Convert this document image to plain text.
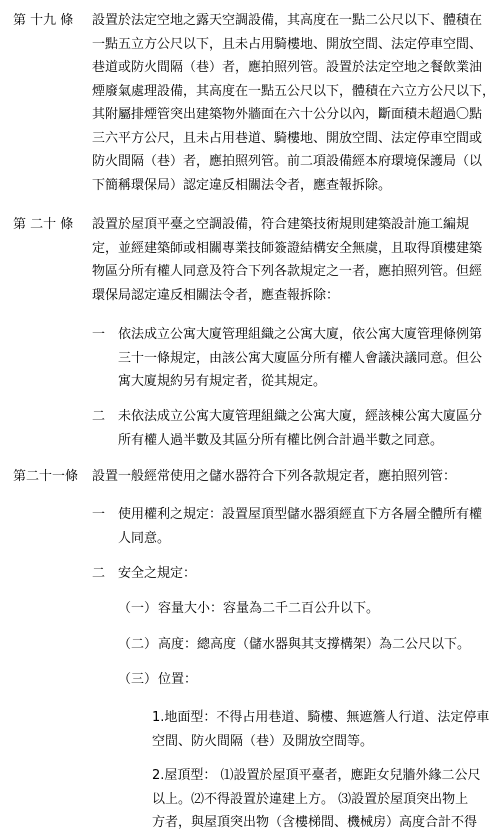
第 十九 條 設置於法定空地之露天空調設備，其高度在一點二公尺以下、體積在

一點五立方公尺以下，且未占用騎樓地、開放空間、法定停車空間、

巷道或防火間隔（巷）者，應拍照列管。設置於法定空地之餐飲業油

煙廢氣處理設備，其高度在一點五公尺以下，體積在六立方公尺以下，

其附屬排煙管突出建築物外牆面在六十公分以內，斷面積未超過〇點

三六平方公尺，且未占用巷道、騎樓地、開放空間、法定停車空間或

防火間隔（巷）者，應拍照列管。前二項設備經本府環境保護局（以

下簡稱環保局）認定違反相關法令者，應查報拆除。

第 二十 條 設置於屋頂平臺之空調設備，符合建築技術規則建築設計施工編規

定，並經建築師或相關專業技師簽證結構安全無虞，且取得頂樓建築

物區分所有權人同意及符合下列各款規定之一者，應拍照列管。但經

環保局認定違反相關法令者，應查報拆除：

一 依法成立公寓大廈管理組織之公寓大廈，依公寓大廈管理條例第

三十一條規定，由該公寓大廈區分所有權人會議決議同意。但公

寓大廈規約另有規定者，從其規定。

二 未依法成立公寓大廈管理組織之公寓大廈，經該棟公寓大廈區分

所有權人過半數及其區分所有權比例合計過半數之同意。

第二十一條 設置一般經常使用之儲水器符合下列各款規定者，應拍照列管：

一 使用權利之規定：設置屋頂型儲水器須經直下方各層全體所有權

人同意。

二 安全之規定：

（一） 容量大小：容量為二千二百公升以下。

（二） 高度：總高度（儲水器與其支撐構架）為二公尺以下。

（三） 位置：

1.地面型：不得占用巷道、騎樓、無遮簷人行道、法定停車

空間、防火間隔（巷）及開放空間等。

2.屋頂型： ⑴設置於屋頂平臺者，應距女兒牆外緣二公尺

以上。⑵不得設置於違建上方。 ⑶設置於屋頂突出物上

方者，與屋頂突出物（含樓梯間、機械房）高度合計不得
